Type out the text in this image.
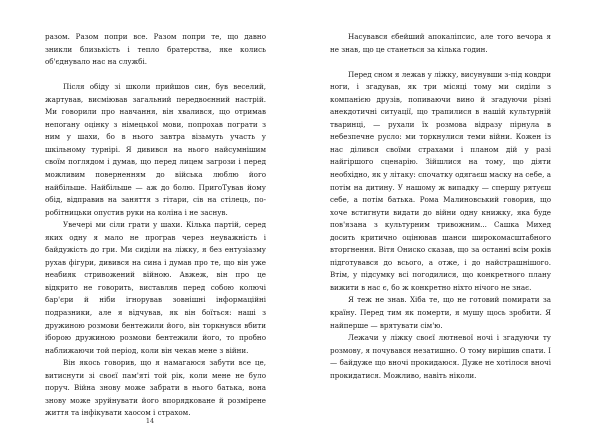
разом. Разом попри все. Разом попри те, що давно зникли близькість і тепло братерства, яке колись об'єднувало нас на службі.

Після обіду зі школи прийшов син, був веселий, жартував, висміював загальний передвоєнний настрій. Ми говорили про навчання, він хвалився, що отримав непогану оцінку з німецької мови, попрохав пограти з ним у шахи, бо в нього завтра візьмуть участь у шкільному турнірі. Я дивився на нього найсумнішим своїм поглядом і думав, що перед лицем загрози і перед можливим поверненням до війська люблю його найбільше. Найбільше — аж до болю. ПригоТував йому обід, відправив на заняття з гітари, сів на стілець, по-робітницьки опустив руки на коліна і не заснув.

Увечері ми сіли грати у шахи. Кілька партій, серед яких одну я мало не програв через неуважність і байдужість до гри. Ми сиділи на ліжку, я без ентузіазму рухав фігури, дивився на сина і думав про те, що він уже неабияк стривожений війною. Авжеж, він про це відкрито не говорить, виставляв перед собою колючі бар'єри й ніби ігнорував зовнішні інформаційні подразники, але я відчував, як він боїться: наші з дружиною розмови бентежили його, він торкнувся вбити іборою дружиною розмови бентежили його, то пробно наближаючи той період, коли він чекав мене з війни.

Він якось говорив, що я намагаюся забути все це, витиснути зі своєї пам'яті той рік, коли мене не було поруч. Війна знову може забрати в нього батька, вона знову може зруйнувати його впорядковане й розмірене життя та інфікувати хаосом і страхом.

14

Насувався єбейший апокаліпсис, але того вечора я не знав, що це станеться за кілька годин.

Перед сном я лежав у ліжку, висунувши з-під ковдри ноги, і згадував, як три місяці тому ми сиділи з компанією друзів, попиваючи вино й згадуючи різні анекдотичні ситуації, що трапилися в нашій культурній тваринці, — рухали їх розмова відразу пірнула в небезпечне русло: ми торкнулися теми війни. Кожен із нас ділився своїми страхами і планом дій у разі найгіршого сценарію. Зійшлися на тому, що діяти необхідно, як у літаку: спочатку одягаєш маску на себе, а потім на дитину. У нашому ж випадку — спершу рятуєш себе, а потім батька. Рома Малиновський говорив, що хоче встигнути видати до війни одну книжку, яка буде пов'язана з культурним тривожним... Сашка Михед досить критично оцінював шанси широкомасштабного вторгнення. Вітя Ониско сказав, що за останні всім років підготувався до всього, а отже, і до найстрашнішого. Втім, у підсумку всі погодилися, що конкретного плану вижити в нас є, бо ж конкретно ніхто нічого не знає.

Я теж не знав. Хіба те, що не готовий помирати за країну. Перед тим як померти, я мушу щось зробити. Я найперше — врятувати сім'ю.

Лежачи у ліжку своєї лютневої ночі і згадуючи ту розмову, я почувався незатишно. О тому вирішив спати. І — байдуже що вночі прокидаюся. Дуже не хотілося вночі прокидатися. Можливо, навіть ніколи.
